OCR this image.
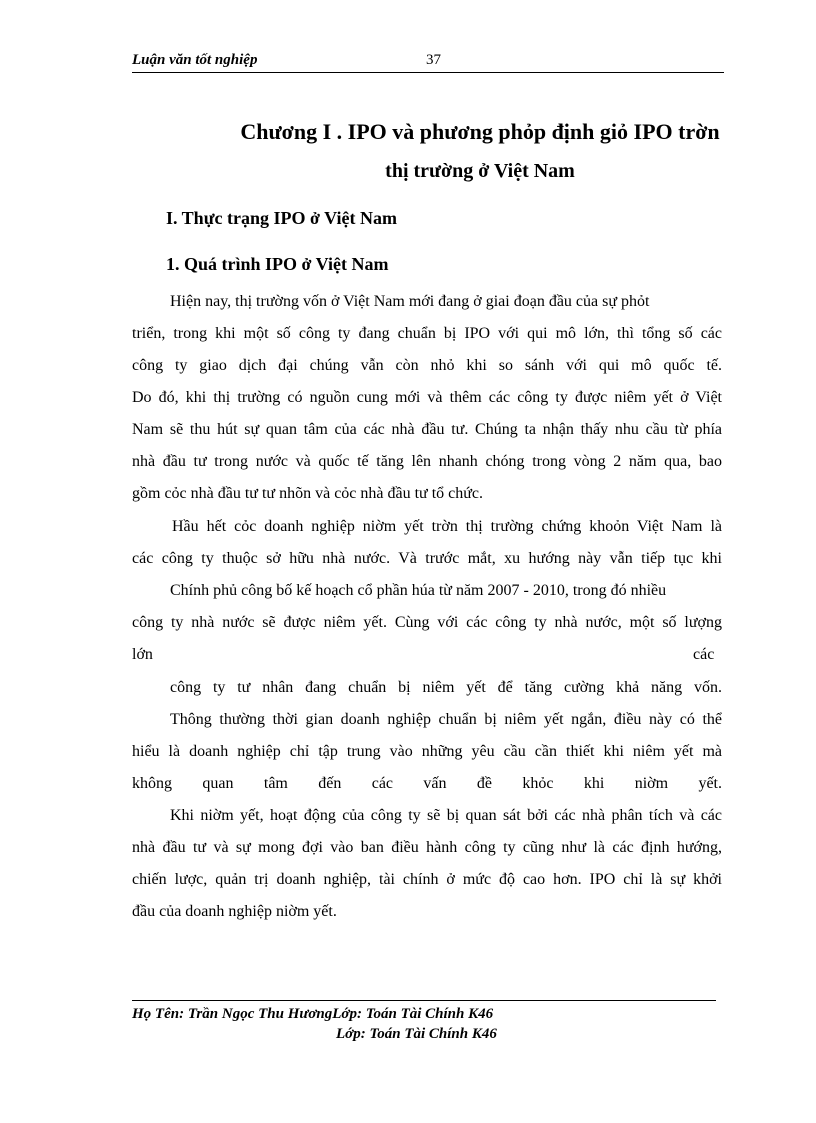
Luận văn tốt nghiệp	37
Chương I . IPO và phương phỏp định giỏ IPO trờn
thị trường ở Việt Nam
I. Thực trạng IPO ở Việt Nam
1. Quá trình IPO ở Việt Nam
Hiện nay, thị trường vốn ở Việt Nam mới đang ở giai đoạn đầu của sự phỏt
triển, trong khi một số công ty đang chuẩn bị IPO với qui mô lớn, thì tổng số các
công ty giao dịch đại chúng vẫn còn nhỏ khi so sánh với qui mô quốc tế.
Do đó, khi thị trường có nguồn cung mới và thêm các công ty được niêm yết ở Việt
Nam sẽ thu hút sự quan tâm của các nhà đầu tư. Chúng ta nhận thấy nhu cầu từ phía
nhà đầu tư trong nước và quốc tế tăng lên nhanh chóng trong vòng 2 năm qua, bao
gồm cỏc nhà đầu tư tư nhõn và cỏc nhà đầu tư tổ chức.
Hầu hết cỏc doanh nghiệp niờm yết trờn thị trường chứng khoỏn Việt Nam là
các công ty thuộc sở hữu nhà nước. Và trước mắt, xu hướng này vẫn tiếp tục khi
Chính phủ công bố kế hoạch cổ phần húa từ năm 2007 - 2010, trong đó nhiều
công ty nhà nước sẽ được niêm yết. Cùng với các công ty nhà nước, một số lượng
lớn	các
công ty tư nhân đang chuẩn bị niêm yết để tăng cường khả năng vốn.
Thông thường thời gian doanh nghiệp chuẩn bị niêm yết ngắn, điều này có thể
hiểu là doanh nghiệp chỉ tập trung vào những yêu cầu cần thiết khi niêm yết mà
không quan tâm đến các vấn đề khỏc khi niờm yết.
Khi niờm yết, hoạt động của công ty sẽ bị quan sát bởi các nhà phân tích và các
nhà đầu tư và sự mong đợi vào ban điều hành công ty cũng như là các định hướng,
chiến lược, quản trị doanh nghiệp, tài chính ở mức độ cao hơn. IPO chỉ là sự khởi
đầu của doanh nghiệp niờm yết.
Họ Tên: Trần Ngọc Thu HươngLớp: Toán Tài Chính K46
Lớp: Toán Tài Chính K46
